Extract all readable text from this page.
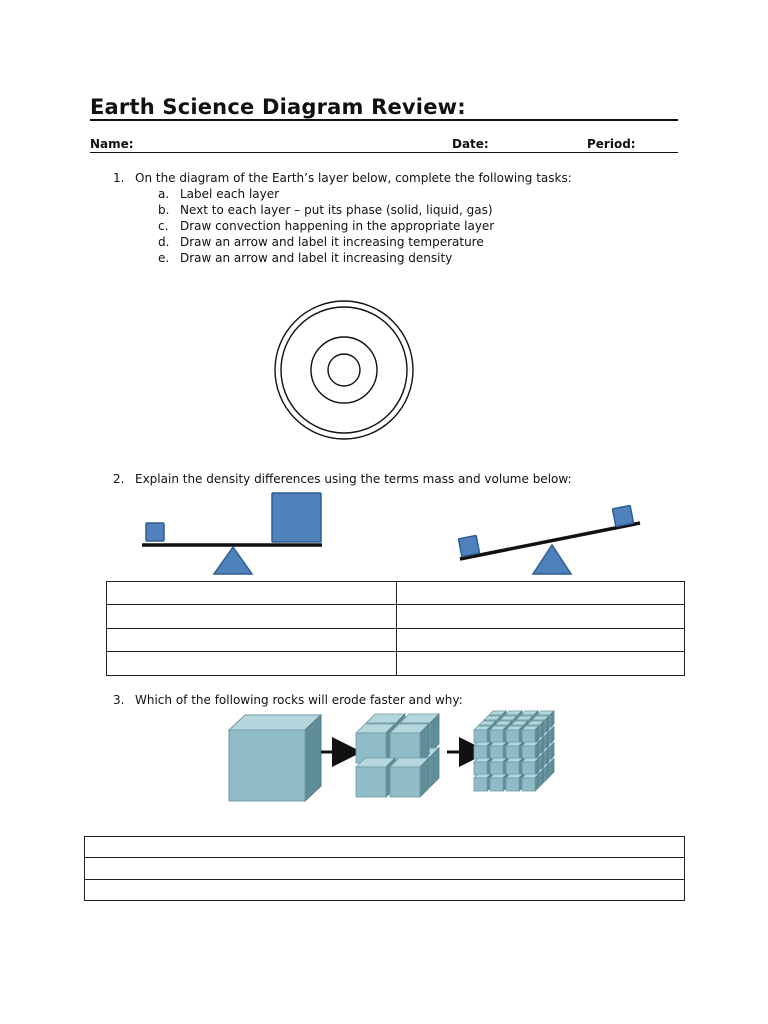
Earth Science Diagram Review:
Name:	Date:	Period:
1. On the diagram of the Earth’s layer below, complete the following tasks:
a. Label each layer
b. Next to each layer – put its phase (solid, liquid, gas)
c. Draw convection happening in the appropriate layer
d. Draw an arrow and label it increasing temperature
e. Draw an arrow and label it increasing density
2. Explain the density differences using the terms mass and volume below:

3. Which of the following rocks will erode faster and why:
